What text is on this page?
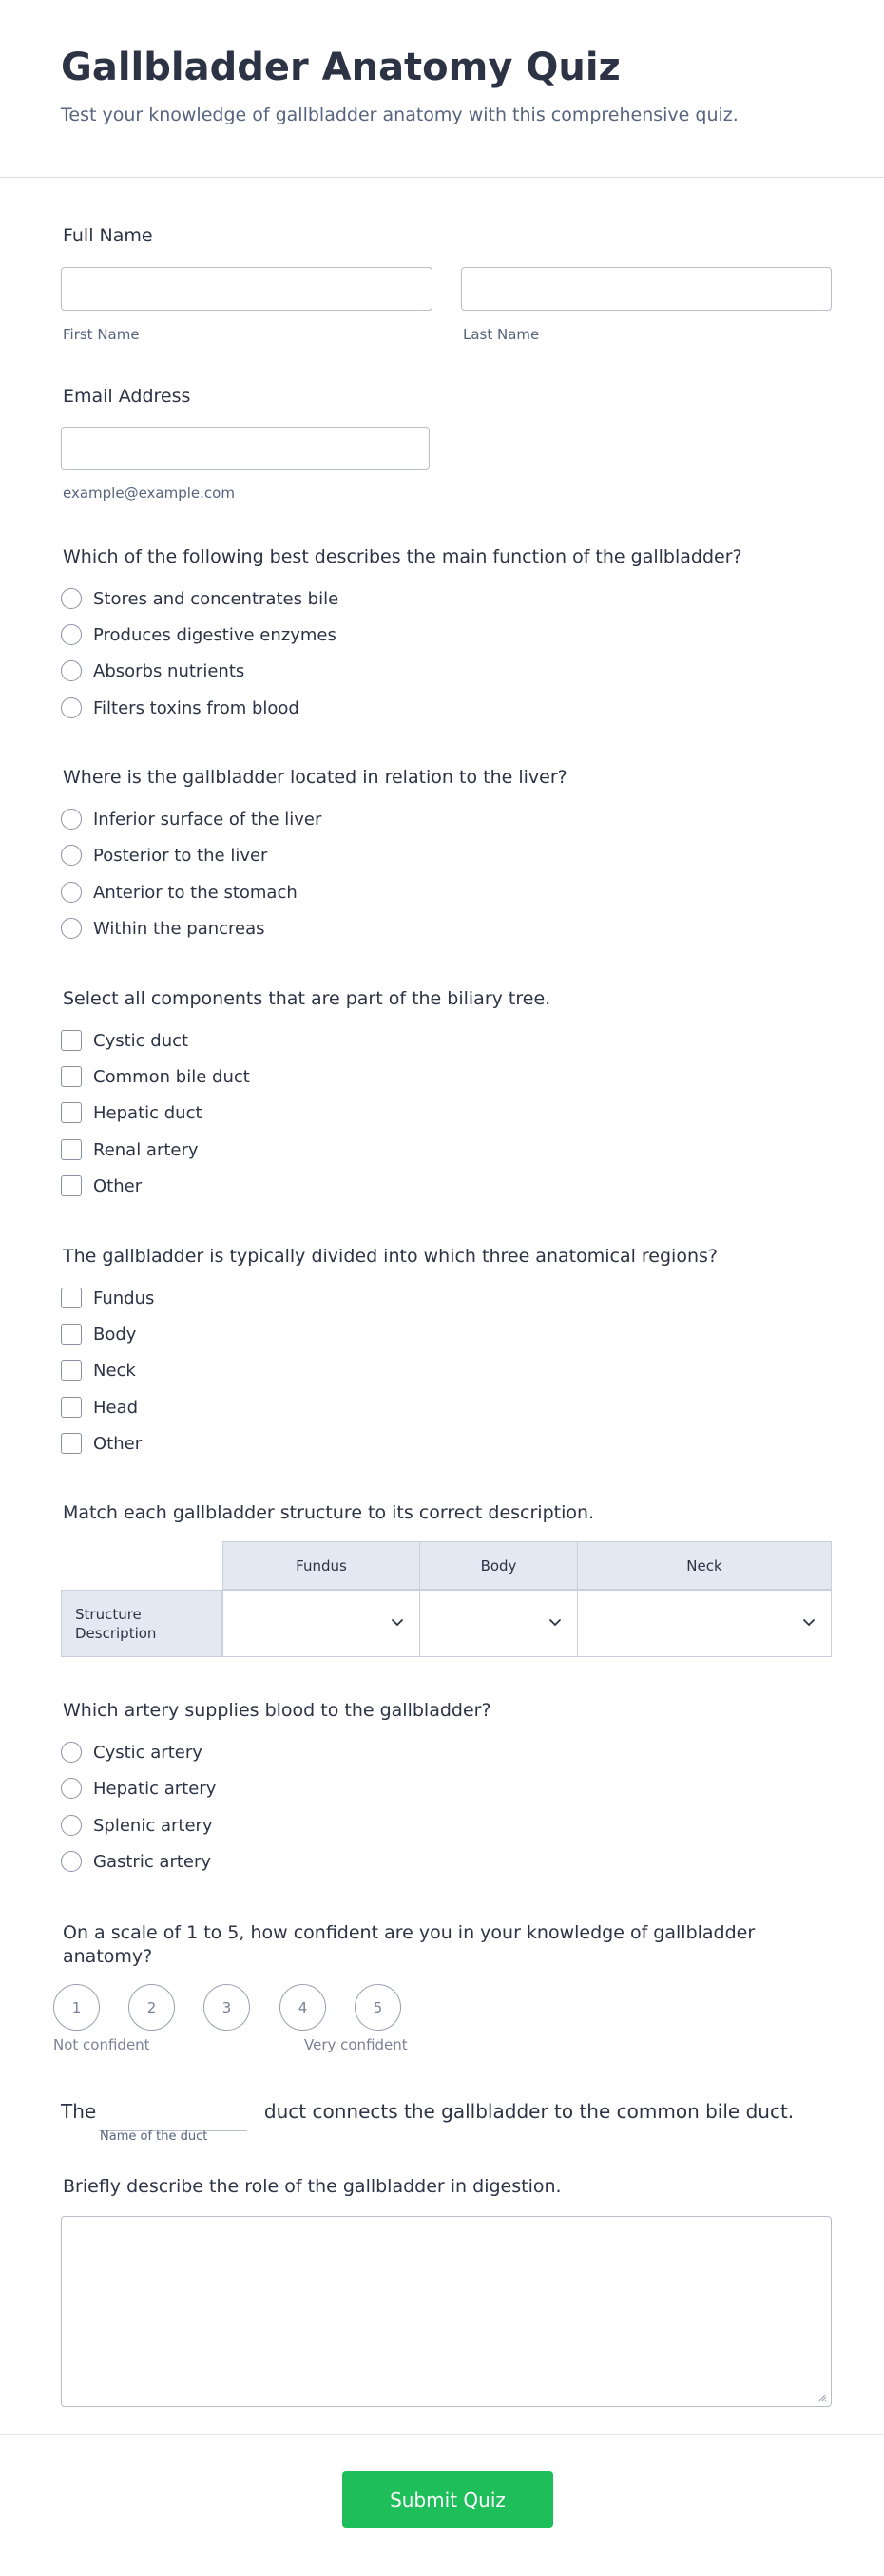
Gallbladder Anatomy Quiz
Test your knowledge of gallbladder anatomy with this comprehensive quiz.
Full Name
First Name	Last Name
Email Address
example@example.com
Which of the following best describes the main function of the gallbladder?
Stores and concentrates bile
Produces digestive enzymes
Absorbs nutrients
Filters toxins from blood
Where is the gallbladder located in relation to the liver?
Inferior surface of the liver
Posterior to the liver
Anterior to the stomach
Within the pancreas
Select all components that are part of the biliary tree.
Cystic duct
Common bile duct
Hepatic duct
Renal artery
Other
The gallbladder is typically divided into which three anatomical regions?
Fundus
Body
Neck
Head
Other
Match each gallbladder structure to its correct description.
Fundus	Body	Neck
Structure Description
Which artery supplies blood to the gallbladder?
Cystic artery
Hepatic artery
Splenic artery
Gastric artery
On a scale of 1 to 5, how confident are you in your knowledge of gallbladder anatomy?
1	2	3	4	5
Not confident	Very confident
The	duct connects the gallbladder to the common bile duct.
Name of the duct
Briefly describe the role of the gallbladder in digestion.
Submit Quiz
